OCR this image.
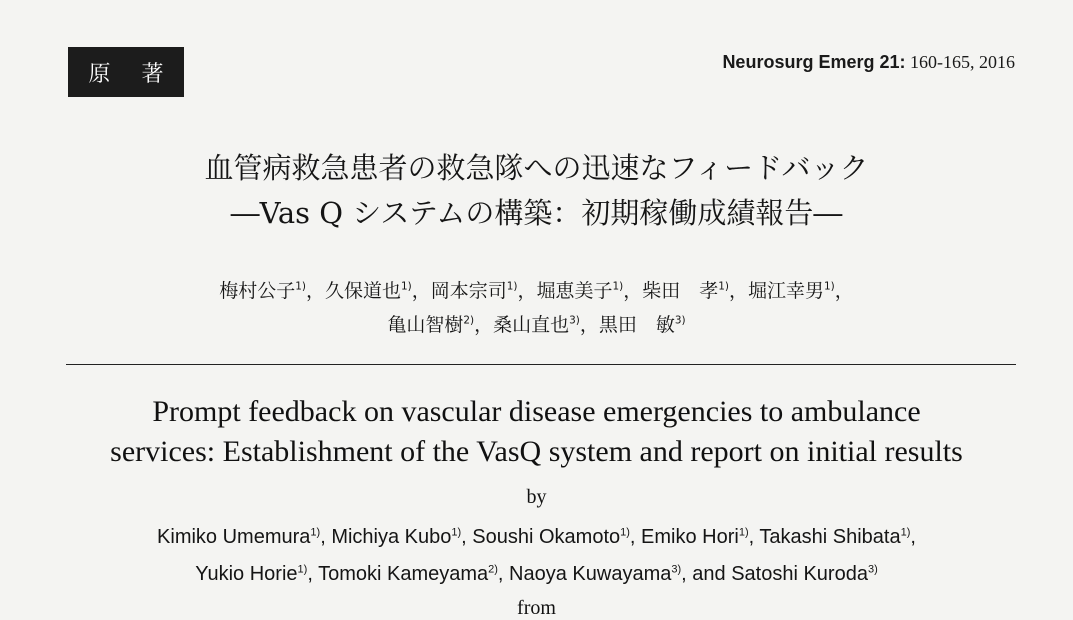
原 著	Neurosurg Emerg 21: 160-165, 2016
血管病救急患者の救急隊への迅速なフィードバック
―Vas Q システムの構築：初期稼働成績報告―
梅村公子$^{1)}$，久保道也$^{1)}$，岡本宗司$^{1)}$，堀恵美子$^{1)}$，柴田　孝$^{1)}$，堀江幸男$^{1)}$，
亀山智樹$^{2)}$，桑山直也$^{3)}$，黒田　敏$^{3)}$
Prompt feedback on vascular disease emergencies to ambulance
services: Establishment of the VasQ system and report on initial results
by
Kimiko Umemura$^{1)}$, Michiya Kubo$^{1)}$, Soushi Okamoto$^{1)}$, Emiko Hori$^{1)}$, Takashi Shibata$^{1)}$,
Yukio Horie$^{1)}$, Tomoki Kameyama$^{2)}$, Naoya Kuwayama$^{3)}$, and Satoshi Kuroda$^{3)}$
from
